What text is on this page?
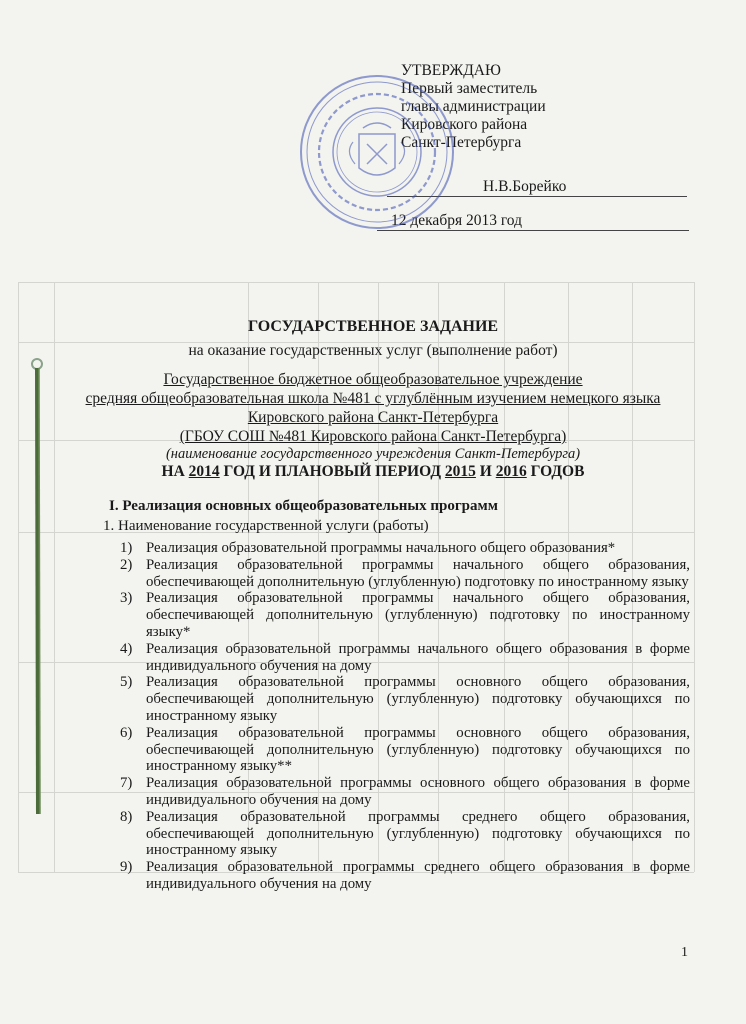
УТВЕРЖДАЮ
Первый заместитель
главы администрации
Кировского района
Санкт-Петербурга
Н.В.Борейко
12 декабря 2013 год
ГОСУДАРСТВЕННОЕ ЗАДАНИЕ
на оказание государственных услуг (выполнение работ)
Государственное бюджетное общеобразовательное учреждение
средняя общеобразовательная школа №481 с углублённым изучением немецкого языка
Кировского района Санкт-Петербурга
(ГБОУ СОШ №481 Кировского района Санкт-Петербурга)
(наименование государственного учреждения Санкт-Петербурга)
НА 2014 ГОД И ПЛАНОВЫЙ ПЕРИОД 2015 И 2016 ГОДОВ
I. Реализация основных общеобразовательных программ
1. Наименование государственной услуги (работы)
1) Реализация образовательной программы начального общего образования*
2) Реализация образовательной программы начального общего образования, обеспечивающей дополнительную (углубленную) подготовку по иностранному языку
3) Реализация образовательной программы начального общего образования, обеспечивающей дополнительную (углубленную) подготовку по иностранному языку*
4) Реализация образовательной программы начального общего образования в форме индивидуального обучения на дому
5) Реализация образовательной программы основного общего образования, обеспечивающей дополнительную (углубленную) подготовку обучающихся по иностранному языку
6) Реализация образовательной программы основного общего образования, обеспечивающей дополнительную (углубленную) подготовку обучающихся по иностранному языку**
7) Реализация образовательной программы основного общего образования в форме индивидуального обучения на дому
8) Реализация образовательной программы среднего общего образования, обеспечивающей дополнительную (углубленную) подготовку обучающихся по иностранному языку
9) Реализация образовательной программы среднего общего образования в форме индивидуального обучения на дому
1
